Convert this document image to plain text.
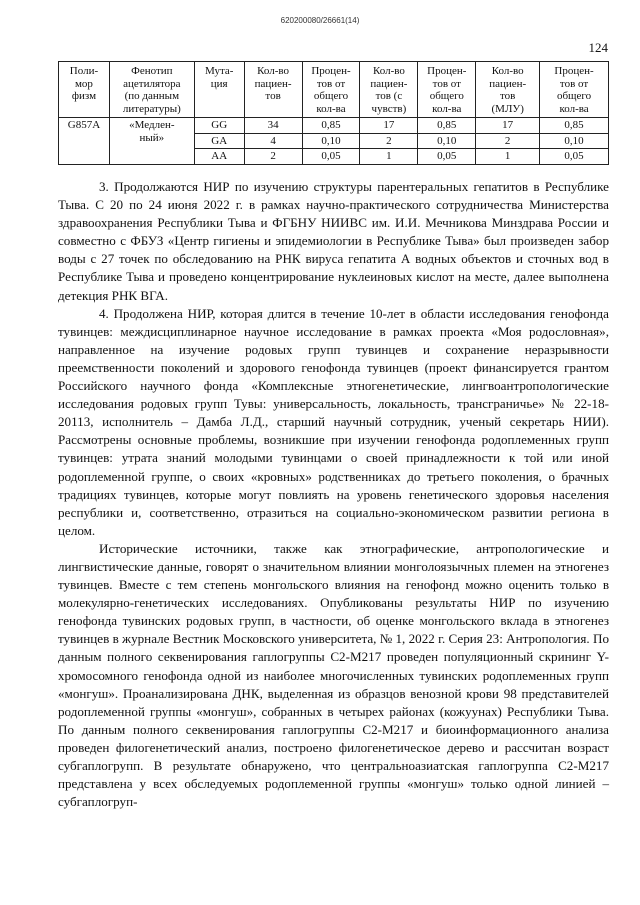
620200080/26661(14)
124
Поли-
мор
физм	Фенотип
ацетилятора
(по данным
литературы)	Мута-
ция	Кол-во
пациен-
тов	Процен-
тов от
общего
кол-ва	Кол-во
пациен-
тов (с
чувств)	Процен-
тов от
общего
кол-ва	Кол-во
пациен-
тов
(МЛУ)	Процен-
тов от
общего
кол-ва
G857A	«Медлен-
ный»	GG	34	0,85	17	0,85	17	0,85
		GA	4	0,10	2	0,10	2	0,10
		AA	2	0,05	1	0,05	1	0,05

3. Продолжаются НИР по изучению структуры парентеральных гепатитов в Республике Тыва. С 20 по 24 июня 2022 г. в рамках научно-практического сотрудничества Министерства здравоохранения Республики Тыва и ФГБНУ НИИВС им. И.И. Мечникова Минздрава России и совместно с ФБУЗ «Центр гигиены и эпидемиологии в Республике Тыва» был произведен забор воды с 27 точек по обследованию на РНК вируса гепатита А водных объектов и сточных вод в Республике Тыва и проведено концентрирование нуклеиновых кислот на месте, далее выполнена детекция РНК ВГА.

4. Продолжена НИР, которая длится в течение 10-лет в области исследования генофонда тувинцев: междисциплинарное научное исследование в рамках проекта «Моя родословная», направленное на изучение родовых групп тувинцев и сохранение неразрывности преемственности поколений и здорового генофонда тувинцев (проект финансируется грантом Российского научного фонда «Комплексные этногенетические, лингвоантропологические исследования родовых групп Тувы: универсальность, локальность, трансграничье» № 22-18-20113, исполнитель – Дамба Л.Д., старший научный сотрудник, ученый секретарь НИИ). Рассмотрены основные проблемы, возникшие при изучении генофонда родоплеменных групп тувинцев: утрата знаний молодыми тувинцами о своей принадлежности к той или иной родоплеменной группе, о своих «кровных» родственниках до третьего поколения, о брачных традициях тувинцев, которые могут повлиять на уровень генетического здоровья населения республики и, соответственно, отразиться на социально-экономическом развитии региона в целом.

Исторические источники, также как этнографические, антропологические и лингвистические данные, говорят о значительном влиянии монголоязычных племен на этногенез тувинцев. Вместе с тем степень монгольского влияния на генофонд можно оценить только в молекулярно-генетических исследованиях. Опубликованы результаты НИР по изучению генофонда тувинских родовых групп, в частности, об оценке монгольского вклада в этногенез тувинцев в журнале Вестник Московского университета, № 1, 2022 г. Серия 23: Антропология. По данным полного секвенирования гаплогруппы С2-М217 проведен популяционный скрининг Y-хромосомного генофонда одной из наиболее многочисленных тувинских родоплеменных групп «монгуш». Проанализирована ДНК, выделенная из образцов венозной крови 98 представителей родоплеменной группы «монгуш», собранных в четырех районах (кожуунах) Республики Тыва. По данным полного секвенирования гаплогруппы С2-М217 и биоинформационного анализа проведен филогенетический анализ, построено филогенетическое дерево и рассчитан возраст субгаплогрупп. В результате обнаружено, что центральноазиатская гаплогруппа С2-М217 представлена у всех обследуемых родоплеменной группы «монгуш» только одной линией – субгаплогруп-
